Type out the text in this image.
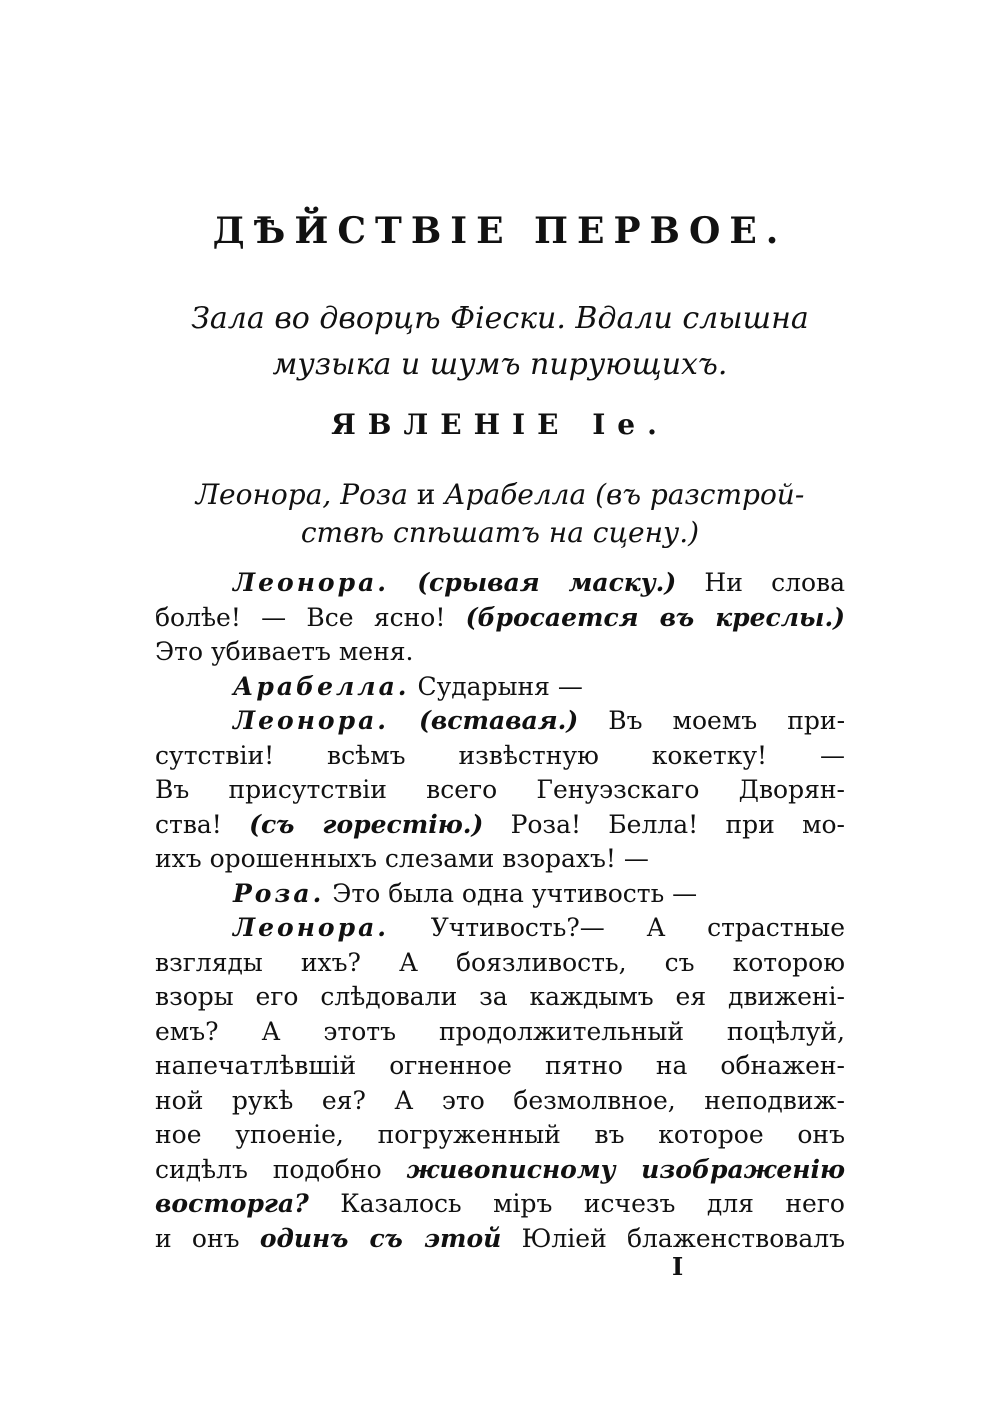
ДѢЙСТВІЕ ПЕРВОЕ.
Зала во дворцѣ Фіески. Вдали слышна
музыка и шумъ пирующихъ.
ЯВЛЕНІЕ Iе.
Леонора, Роза и Арабелла (въ разстрой-
ствѣ спѣшатъ на сцену.)
Леонора. (срывая маску.) Ни слова
болѣе! — Все ясно! (бросается въ креслы.)
Это убиваетъ меня.
Арабелла. Сударыня —
Леонора. (вставая.) Въ моемъ при-
сутствіи! всѣмъ извѣстную кокетку! —
Въ присутствіи всего Генуэзскаго Дворян-
ства! (съ горестію.) Роза! Белла! при мо-
ихъ орошенныхъ слезами взорахъ! —
Роза. Это была одна учтивость —
Леонора. Учтивость?— А страстные
взгляды ихъ? А боязливость, съ которою
взоры его слѣдовали за каждымъ ея движені-
емъ? А этотъ продолжительный поцѣлуй,
напечатлѣвшій огненное пятно на обнажен-
ной рукѣ ея? А это безмолвное, неподвиж-
ное упоеніе, погруженный въ которое онъ
сидѣлъ подобно живописному изображенію
восторга? Казалось міръ исчезъ для него
и онъ одинъ съ этой Юліей блаженствовалъ
I
